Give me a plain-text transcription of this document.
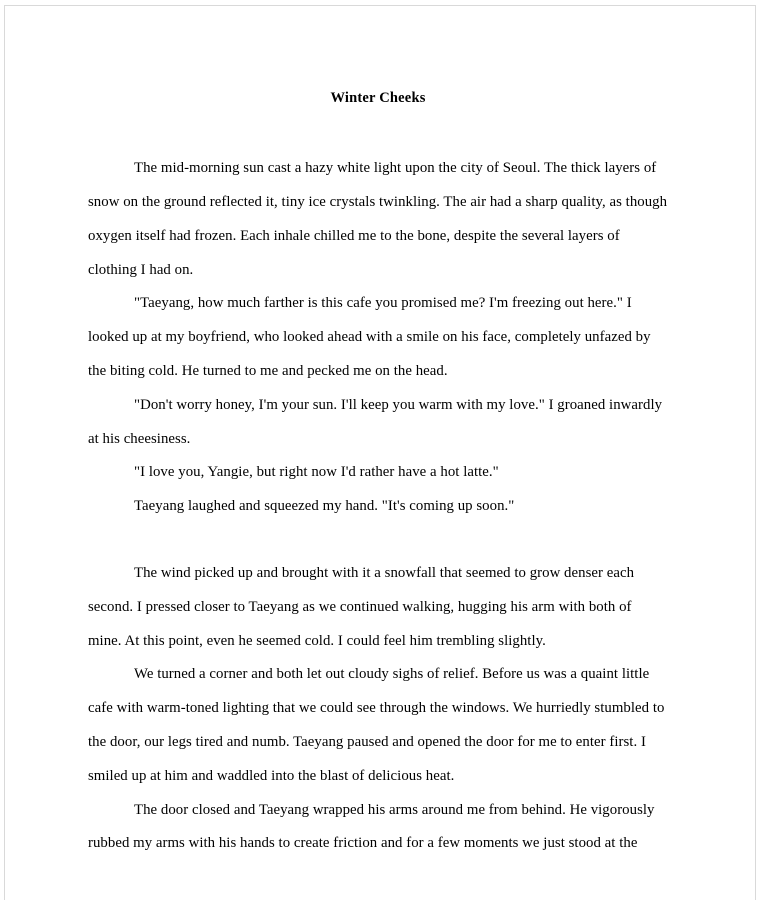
Winter Cheeks

The mid-morning sun cast a hazy white light upon the city of Seoul. The thick layers of snow on the ground reflected it, tiny ice crystals twinkling. The air had a sharp quality, as though oxygen itself had frozen. Each inhale chilled me to the bone, despite the several layers of clothing I had on.

"Taeyang, how much farther is this cafe you promised me? I'm freezing out here." I looked up at my boyfriend, who looked ahead with a smile on his face, completely unfazed by the biting cold. He turned to me and pecked me on the head.

"Don't worry honey, I'm your sun. I'll keep you warm with my love." I groaned inwardly at his cheesiness.

"I love you, Yangie, but right now I'd rather have a hot latte."

Taeyang laughed and squeezed my hand. "It's coming up soon."

The wind picked up and brought with it a snowfall that seemed to grow denser each second. I pressed closer to Taeyang as we continued walking, hugging his arm with both of mine. At this point, even he seemed cold. I could feel him trembling slightly.

We turned a corner and both let out cloudy sighs of relief. Before us was a quaint little cafe with warm-toned lighting that we could see through the windows. We hurriedly stumbled to the door, our legs tired and numb. Taeyang paused and opened the door for me to enter first. I smiled up at him and waddled into the blast of delicious heat.

The door closed and Taeyang wrapped his arms around me from behind. He vigorously rubbed my arms with his hands to create friction and for a few moments we just stood at the
